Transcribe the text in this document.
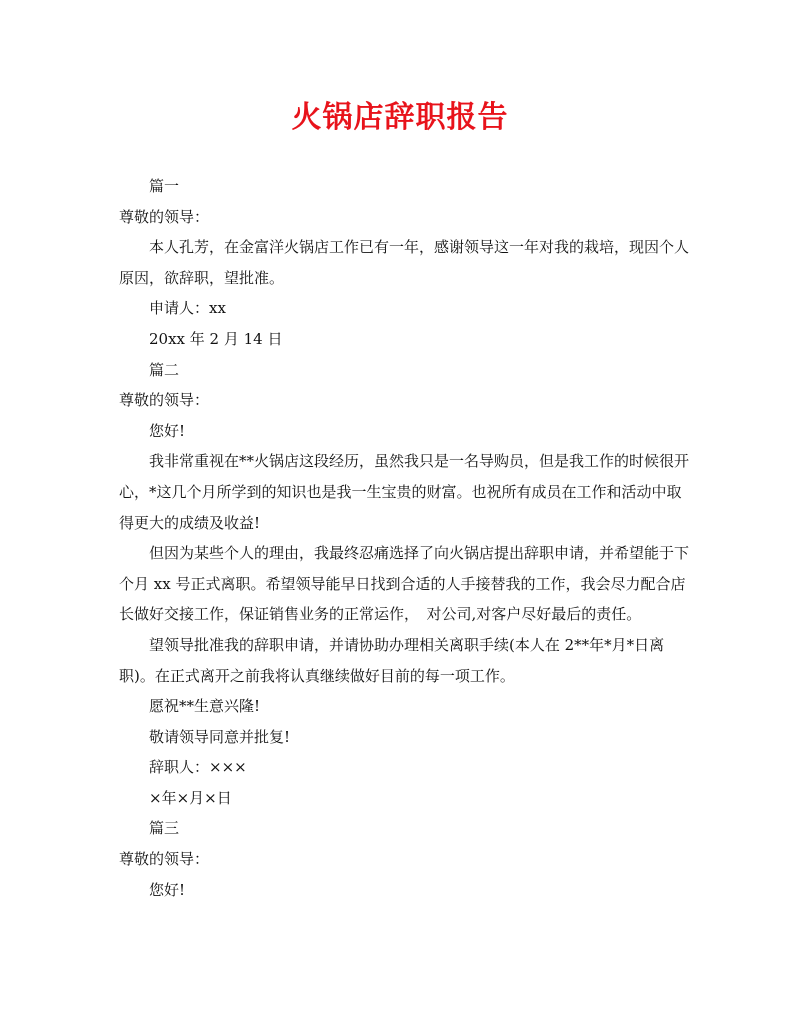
火锅店辞职报告

篇一

尊敬的领导：

本人孔芳，在金富洋火锅店工作已有一年，感谢领导这一年对我的栽培，现因个人原因，欲辞职，望批准。

申请人：xx

20xx 年 2 月 14 日

篇二

尊敬的领导：

您好!

我非常重视在**火锅店这段经历，虽然我只是一名导购员，但是我工作的时候很开心，*这几个月所学到的知识也是我一生宝贵的财富。也祝所有成员在工作和活动中取得更大的成绩及收益!

但因为某些个人的理由，我最终忍痛选择了向火锅店提出辞职申请，并希望能于下个月 xx 号正式离职。希望领导能早日找到合适的人手接替我的工作，我会尽力配合店长做好交接工作，保证销售业务的正常运作，　对公司,对客户尽好最后的责任。

望领导批准我的辞职申请，并请协助办理相关离职手续(本人在 2**年*月*日离职)。在正式离开之前我将认真继续做好目前的每一项工作。

愿祝**生意兴隆!

敬请领导同意并批复!

辞职人：×××

×年×月×日

篇三

尊敬的领导：

您好!
